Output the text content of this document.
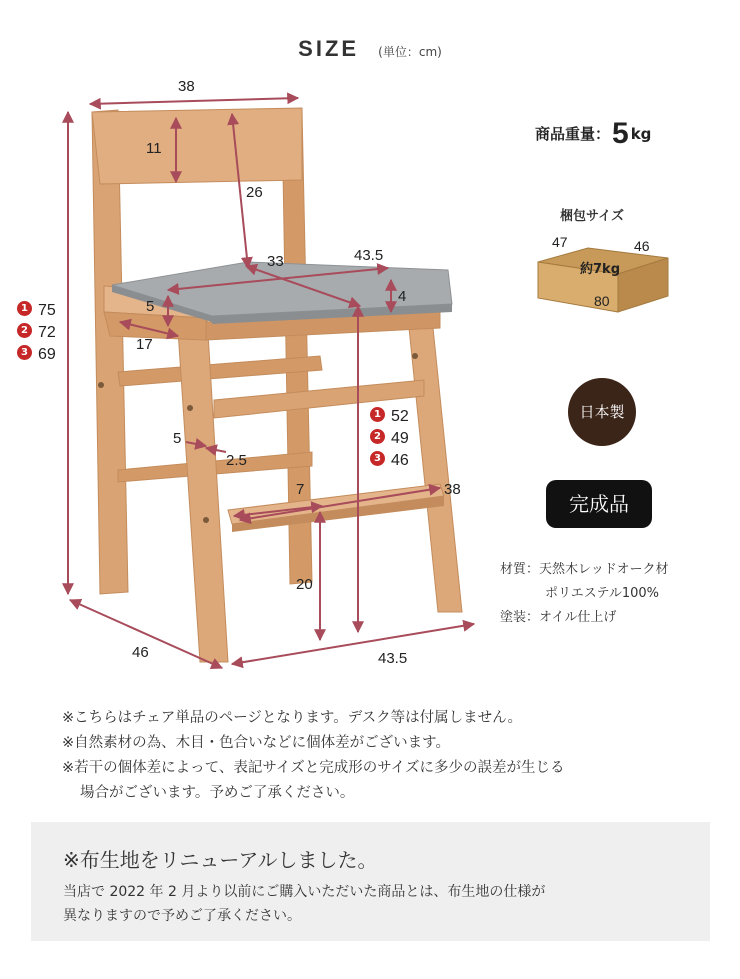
SIZE (単位：cm)
38
11
26
33	43.5
4
5
17
5
2.5
7	38
20
46	43.5
1 75
2 72
3 69
1 52
2 49
3 46
商品重量：5 kg
梱包サイズ
47	46
80
約7kg
日本製
完成品
材質：天然木レッドオーク材
ポリエステル100%
塗装：オイル仕上げ

※こちらはチェア単品のページとなります。デスク等は付属しません。

※自然素材の為、木目・色合いなどに個体差がございます。

※若干の個体差によって、表記サイズと完成形のサイズに多少の誤差が生じる

場合がございます。予めご了承ください。

※布生地をリニューアルしました。

当店で 2022 年 2 月より以前にご購入いただいた商品とは、布生地の仕様が

異なりますので予めご了承ください。
